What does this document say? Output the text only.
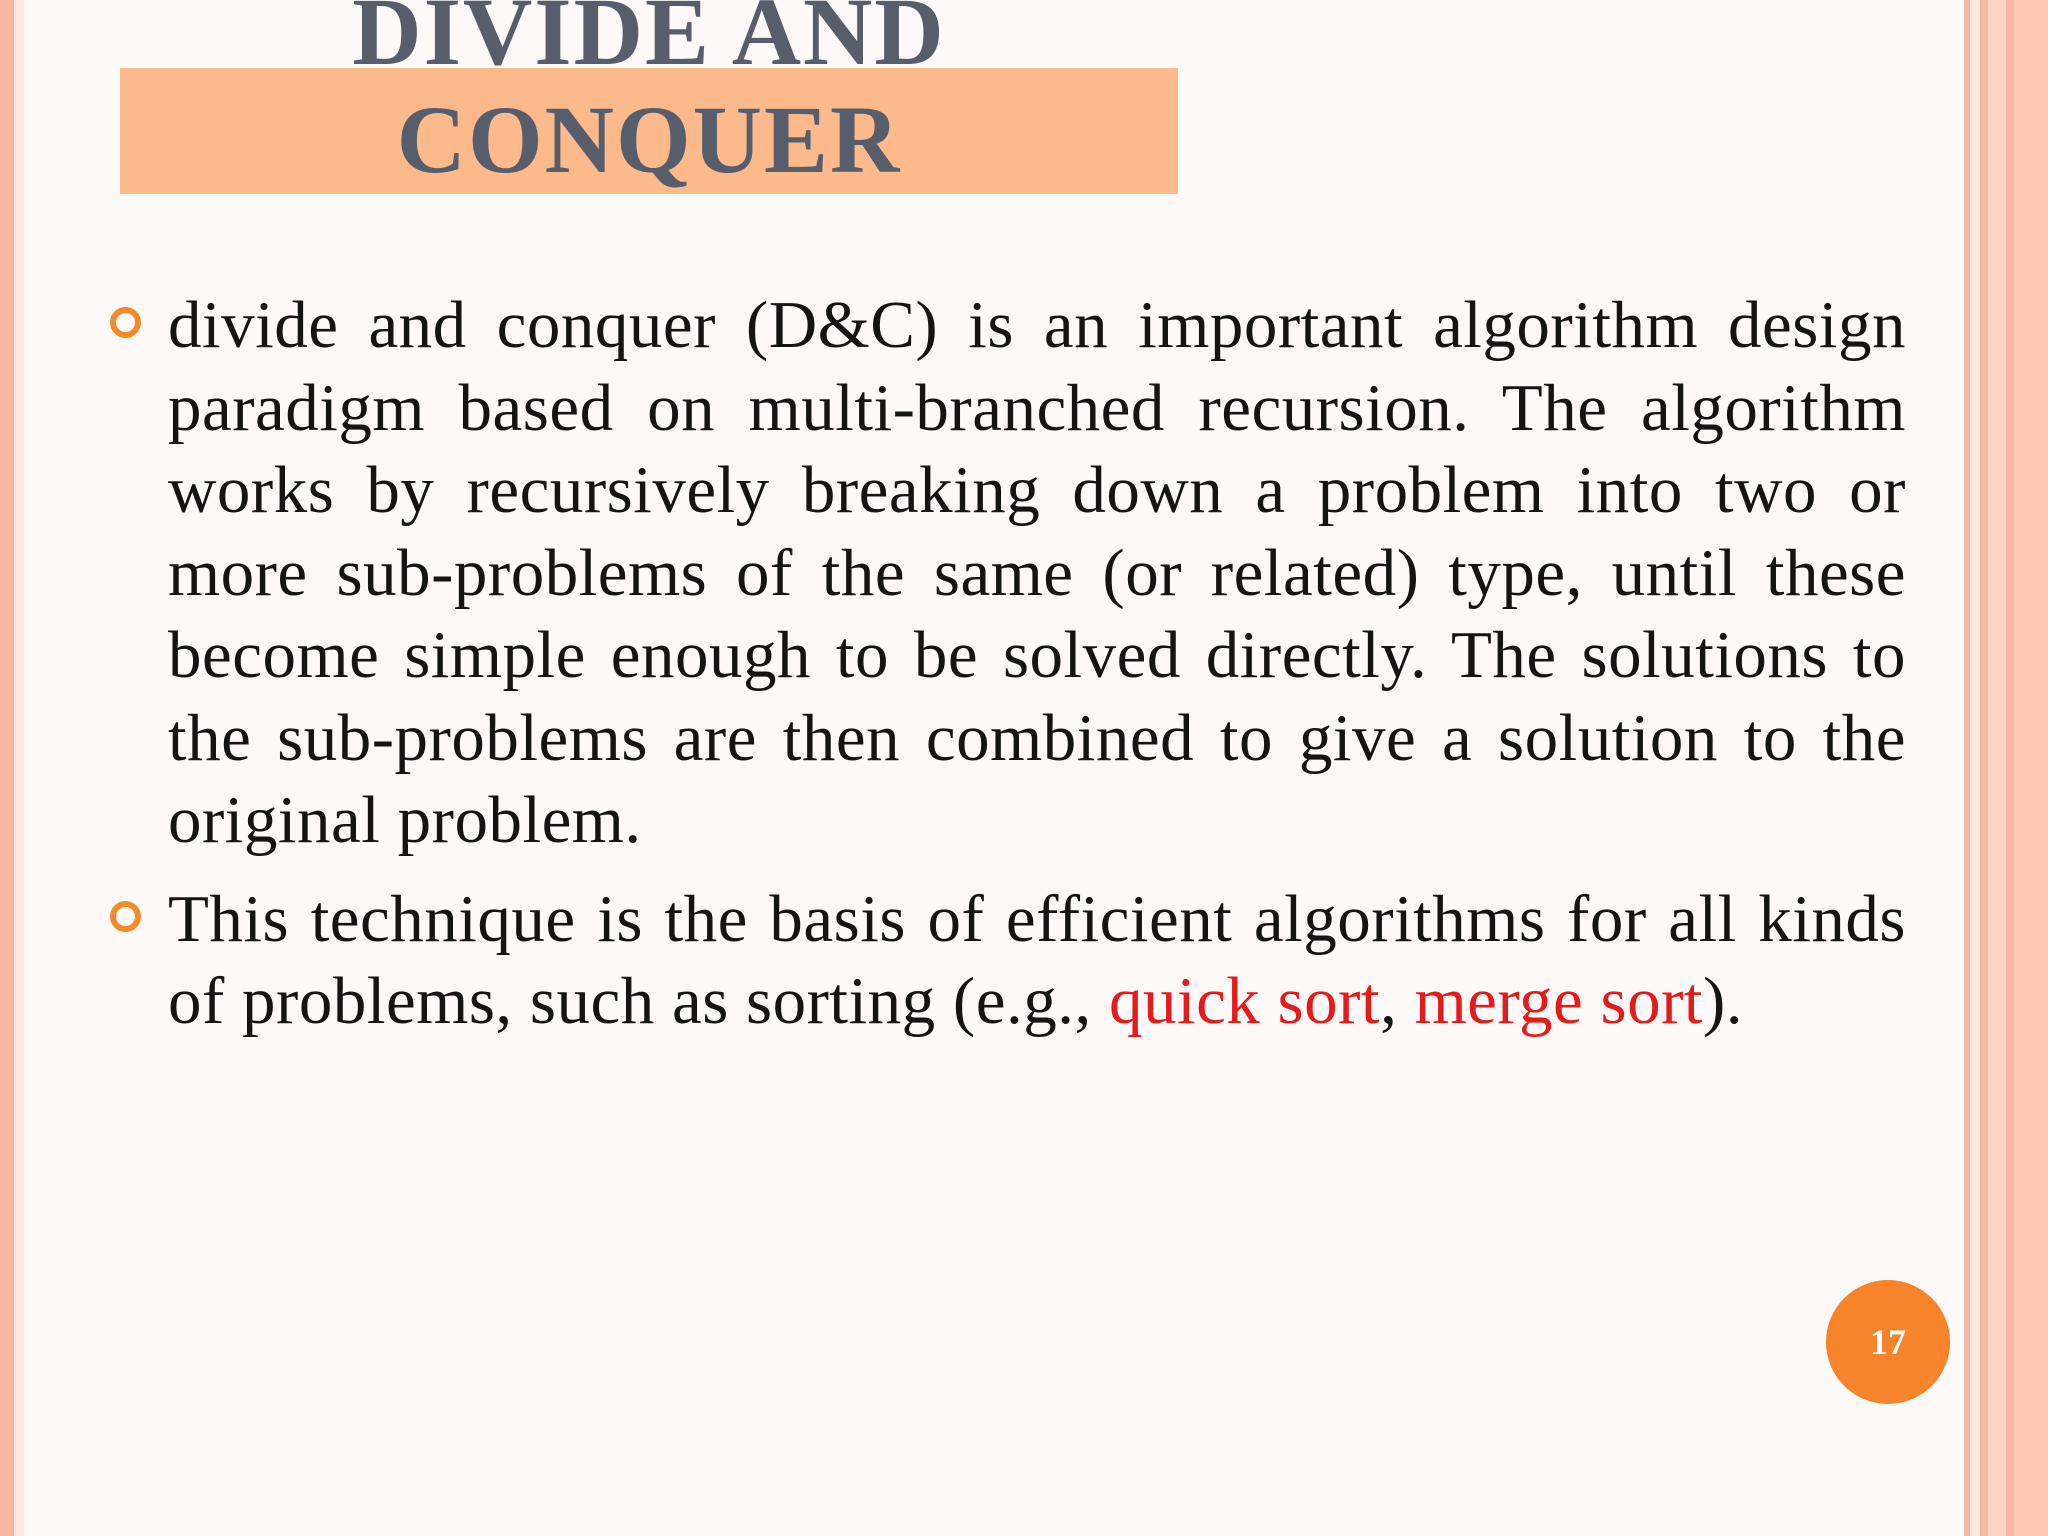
DIVIDE AND
CONQUER

divide and conquer (D&C) is an important algorithm design paradigm based on multi-branched recursion. The algorithm works by recursively breaking down a problem into two or more sub-problems of the same (or related) type, until these become simple enough to be solved directly. The solutions to the sub-problems are then combined to give a solution to the original problem.

This technique is the basis of efficient algorithms for all kinds of problems, such as sorting (e.g., quick sort, merge sort).

17
